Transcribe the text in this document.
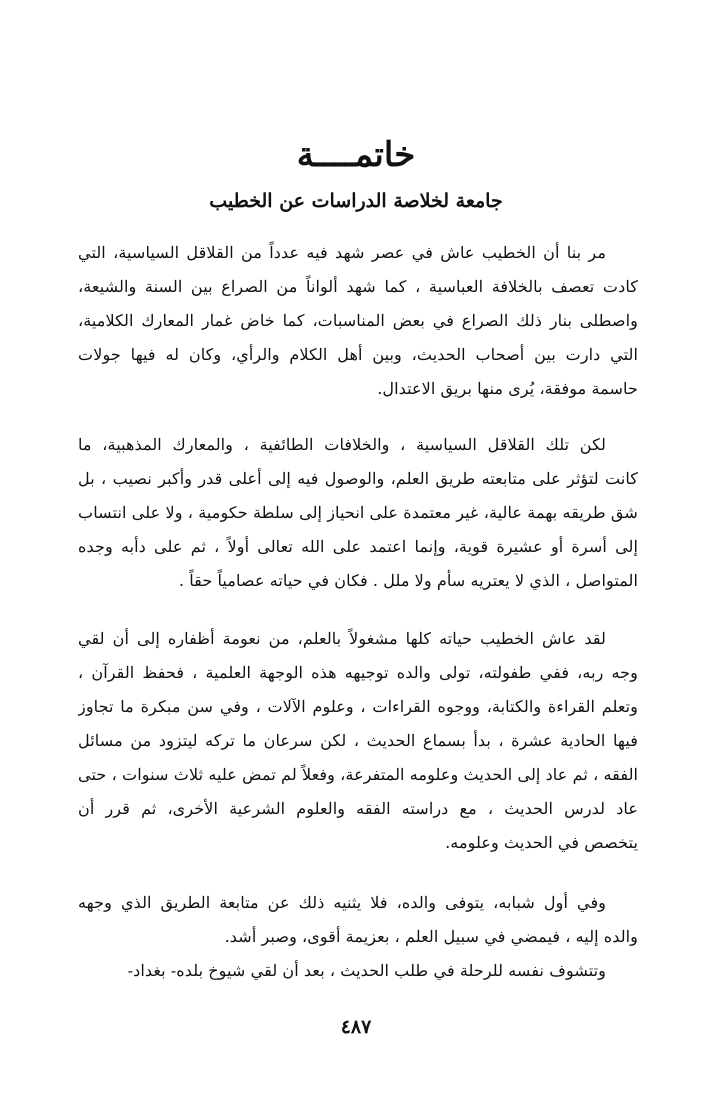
خاتمــــة
جامعة لخلاصة الدراسات عن الخطيب
مر بنا أن الخطيب عاش في عصر شهد فيه عدداً من القلاقل السياسية، التي
كادت تعصف بالخلافة العباسية ، كما شهد ألواناً من الصراع بين السنة والشيعة،
واصطلى بنار ذلك الصراع في بعض المناسبات، كما خاض غمار المعارك الكلامية،
التي دارت بين أصحاب الحديث، وبين أهل الكلام والرأي، وكان له فيها جولات
حاسمة موفقة، يُرى منها بريق الاعتدال.
لكن تلك القلاقل السياسية ، والخلافات الطائفية ، والمعارك المذهبية، ما
كانت لتؤثر على متابعته طريق العلم، والوصول فيه إلى أعلى قدر وأكبر نصيب ، بل
شق طريقه بهمة عالية، غير معتمدة على انحياز إلى سلطة حكومية ، ولا على انتساب
إلى أسرة أو عشيرة قوية، وإنما اعتمد على الله تعالى أولاً ، ثم على دأبه وجده
المتواصل ، الذي لا يعتريه سأم ولا ملل . فكان في حياته عصامياً حقاً .
لقد عاش الخطيب حياته كلها مشغولاً بالعلم، من نعومة أظفاره إلى أن لقي
وجه ربه، ففي طفولته، تولى والده توجيهه هذه الوجهة العلمية ، فحفظ القرآن ،
وتعلم القراءة والكتابة، ووجوه القراءات ، وعلوم الآلات ، وفي سن مبكرة ما تجاوز
فيها الحادية عشرة ، بدأ بسماع الحديث ، لكن سرعان ما تركه ليتزود من مسائل
الفقه ، ثم عاد إلى الحديث وعلومه المتفرعة، وفعلاً لم تمض عليه ثلاث سنوات ، حتى
عاد لدرس الحديث ، مع دراسته الفقه والعلوم الشرعية الأخرى، ثم قرر أن
يتخصص في الحديث وعلومه.
وفي أول شبابه، يتوفى والده، فلا يثنيه ذلك عن متابعة الطريق الذي وجهه
والده إليه ، فيمضي في سبيل العلم ، بعزيمة أقوى، وصبر أشد.
وتتشوف نفسه للرحلة في طلب الحديث ، بعد أن لقي شيوخ بلده- بغداد-
٤٨٧
